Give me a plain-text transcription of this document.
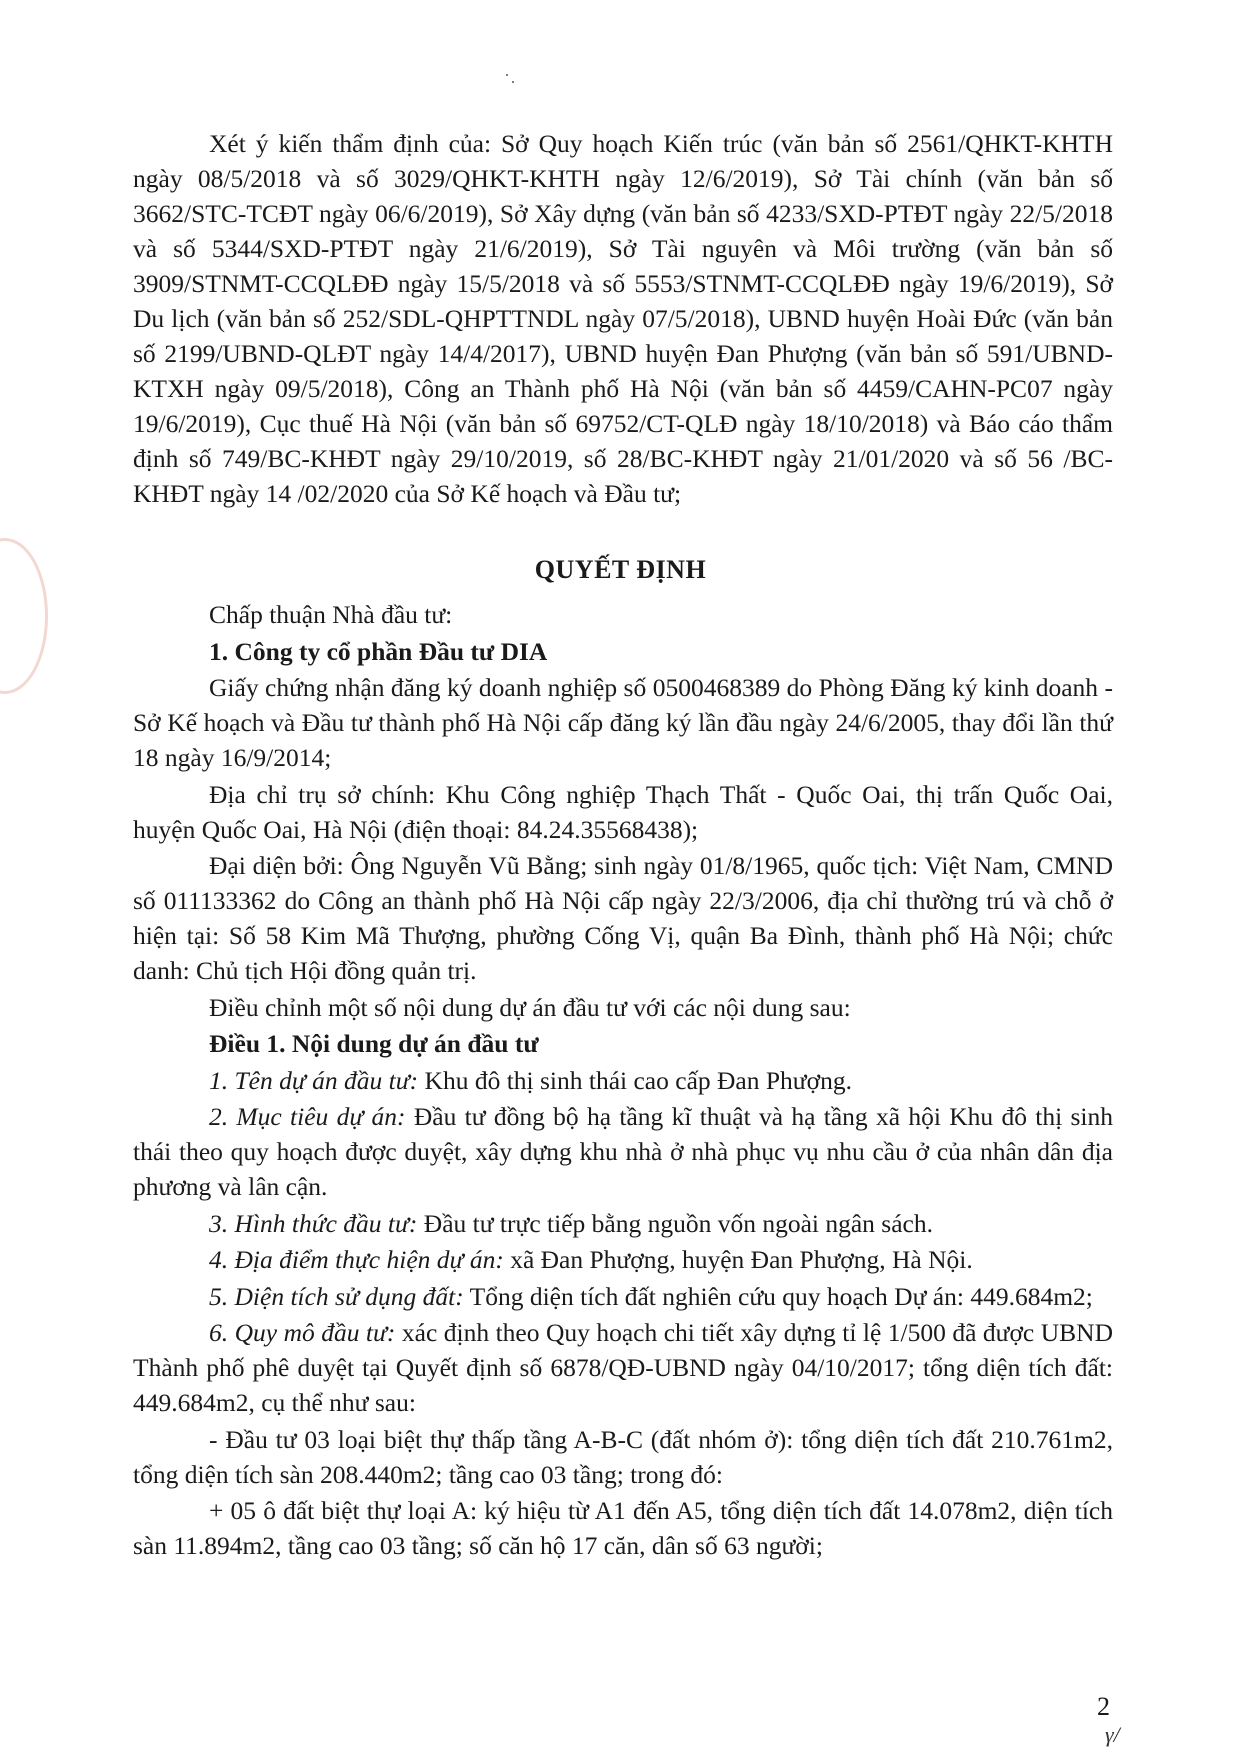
Xét ý kiến thẩm định của: Sở Quy hoạch Kiến trúc (văn bản số 2561/QHKT-KHTH ngày 08/5/2018 và số 3029/QHKT-KHTH ngày 12/6/2019), Sở Tài chính (văn bản số 3662/STC-TCĐT ngày 06/6/2019), Sở Xây dựng (văn bản số 4233/SXD-PTĐT ngày 22/5/2018 và số 5344/SXD-PTĐT ngày 21/6/2019), Sở Tài nguyên và Môi trường (văn bản số 3909/STNMT-CCQLĐĐ ngày 15/5/2018 và số 5553/STNMT-CCQLĐĐ ngày 19/6/2019), Sở Du lịch (văn bản số 252/SDL-QHPTTNDL ngày 07/5/2018), UBND huyện Hoài Đức (văn bản số 2199/UBND-QLĐT ngày 14/4/2017), UBND huyện Đan Phượng (văn bản số 591/UBND-KTXH ngày 09/5/2018), Công an Thành phố Hà Nội (văn bản số 4459/CAHN-PC07 ngày 19/6/2019), Cục thuế Hà Nội (văn bản số 69752/CT-QLĐ ngày 18/10/2018) và Báo cáo thẩm định số 749/BC-KHĐT ngày 29/10/2019, số 28/BC-KHĐT ngày 21/01/2020 và số 56 /BC-KHĐT ngày 14 /02/2020 của Sở Kế hoạch và Đầu tư;

QUYẾT ĐỊNH

Chấp thuận Nhà đầu tư:

1. Công ty cổ phần Đầu tư DIA

Giấy chứng nhận đăng ký doanh nghiệp số 0500468389 do Phòng Đăng ký kinh doanh - Sở Kế hoạch và Đầu tư thành phố Hà Nội cấp đăng ký lần đầu ngày 24/6/2005, thay đổi lần thứ 18 ngày 16/9/2014;

Địa chỉ trụ sở chính: Khu Công nghiệp Thạch Thất - Quốc Oai, thị trấn Quốc Oai, huyện Quốc Oai, Hà Nội (điện thoại: 84.24.35568438);

Đại diện bởi: Ông Nguyễn Vũ Bằng; sinh ngày 01/8/1965, quốc tịch: Việt Nam, CMND số 011133362 do Công an thành phố Hà Nội cấp ngày 22/3/2006, địa chỉ thường trú và chỗ ở hiện tại: Số 58 Kim Mã Thượng, phường Cống Vị, quận Ba Đình, thành phố Hà Nội; chức danh: Chủ tịch Hội đồng quản trị.

Điều chỉnh một số nội dung dự án đầu tư với các nội dung sau:

Điều 1. Nội dung dự án đầu tư

1. Tên dự án đầu tư: Khu đô thị sinh thái cao cấp Đan Phượng.

2. Mục tiêu dự án: Đầu tư đồng bộ hạ tầng kĩ thuật và hạ tầng xã hội Khu đô thị sinh thái theo quy hoạch được duyệt, xây dựng khu nhà ở nhà phục vụ nhu cầu ở của nhân dân địa phương và lân cận.

3. Hình thức đầu tư: Đầu tư trực tiếp bằng nguồn vốn ngoài ngân sách.

4. Địa điểm thực hiện dự án: xã Đan Phượng, huyện Đan Phượng, Hà Nội.

5. Diện tích sử dụng đất: Tổng diện tích đất nghiên cứu quy hoạch Dự án: 449.684m2;

6. Quy mô đầu tư: xác định theo Quy hoạch chi tiết xây dựng tỉ lệ 1/500 đã được UBND Thành phố phê duyệt tại Quyết định số 6878/QĐ-UBND ngày 04/10/2017; tổng diện tích đất: 449.684m2, cụ thể như sau:

- Đầu tư 03 loại biệt thự thấp tầng A-B-C (đất nhóm ở): tổng diện tích đất 210.761m2, tổng diện tích sàn 208.440m2; tầng cao 03 tầng; trong đó:

+ 05 ô đất biệt thự loại A: ký hiệu từ A1 đến A5, tổng diện tích đất 14.078m2, diện tích sàn 11.894m2, tầng cao 03 tầng; số căn hộ 17 căn, dân số 63 người;

2
γ/
